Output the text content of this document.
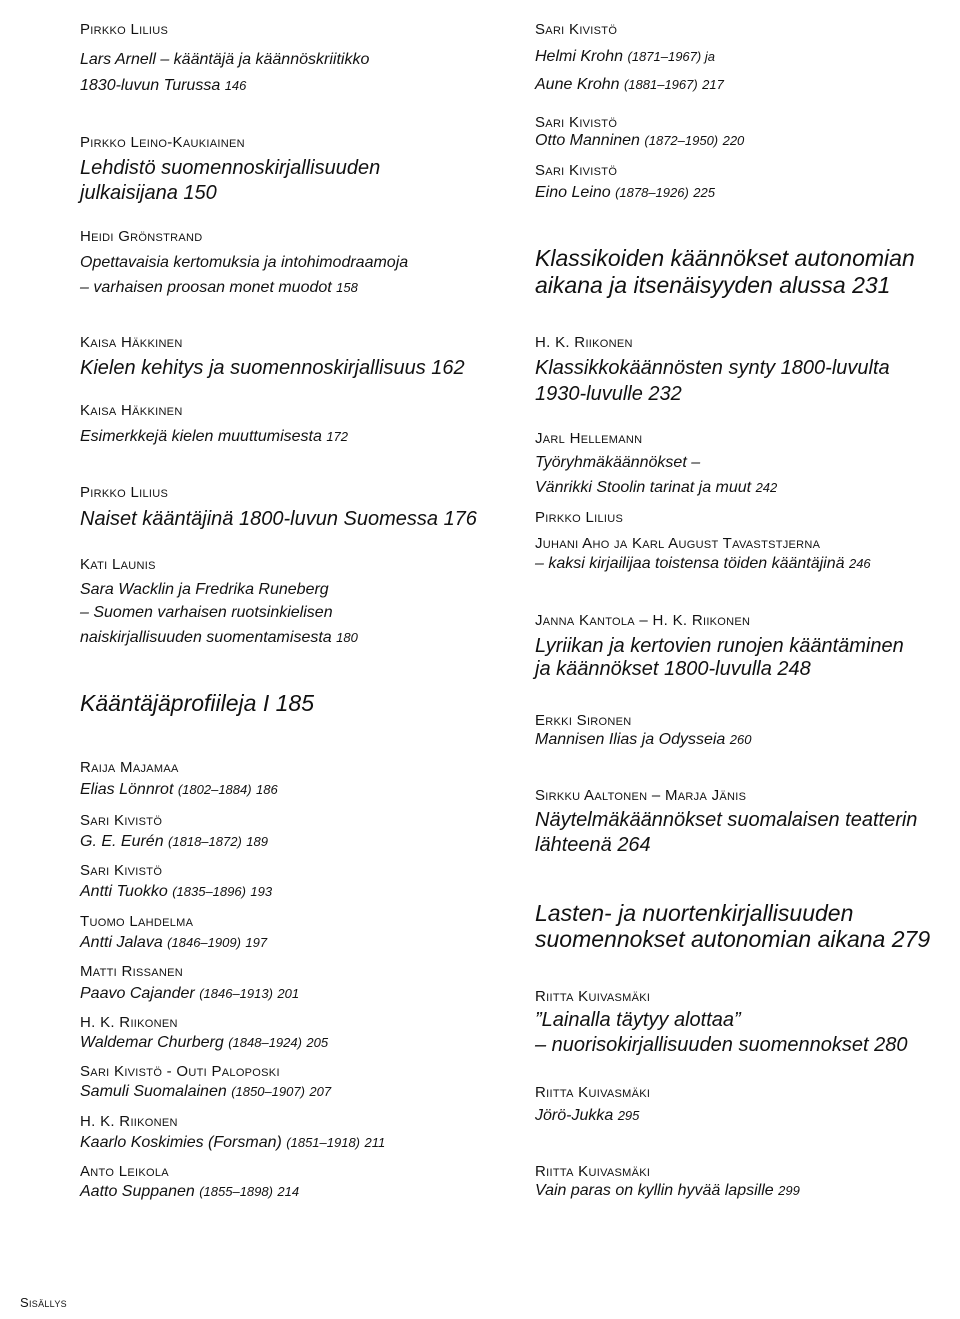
Pirkko Lilius
Lars Arnell – kääntäjä ja käännöskriitikko
1830-luvun Turussa 146
Pirkko Leino-Kaukiainen
Lehdistö suomennoskirjallisuuden
julkaisijana 150
Heidi Grönstrand
Opettavaisia kertomuksia ja intohimodraamoja
– varhaisen proosan monet muodot 158
Kaisa Häkkinen
Kielen kehitys ja suomennoskirjallisuus 162
Kaisa Häkkinen
Esimerkkejä kielen muuttumisesta 172
Pirkko Lilius
Naiset kääntäjinä 1800-luvun Suomessa 176
Kati Launis
Sara Wacklin ja Fredrika Runeberg
– Suomen varhaisen ruotsinkielisen
naiskirjallisuuden suomentamisesta 180
Kääntäjäprofiileja I 185
Raija Majamaa
Elias Lönnrot (1802–1884) 186
Sari Kivistö
G. E. Eurén (1818–1872) 189
Sari Kivistö
Antti Tuokko (1835–1896) 193
Tuomo Lahdelma
Antti Jalava (1846–1909) 197
Matti Rissanen
Paavo Cajander (1846–1913) 201
H. K. Riikonen
Waldemar Churberg (1848–1924) 205
Sari Kivistö - Outi Paloposki
Samuli Suomalainen (1850–1907) 207
H. K. Riikonen
Kaarlo Koskimies (Forsman) (1851–1918) 211
Anto Leikola
Aatto Suppanen (1855–1898) 214
Sari Kivistö
Helmi Krohn (1871–1967) ja
Aune Krohn (1881–1967) 217
Sari Kivistö
Otto Manninen (1872–1950) 220
Sari Kivistö
Eino Leino (1878–1926) 225
Klassikoiden käännökset autonomian
aikana ja itsenäisyyden alussa 231
H. K. Riikonen
Klassikkokäännösten synty 1800-luvulta
1930-luvulle 232
Jarl Hellemann
Työryhmäkäännökset –
Vänrikki Stoolin tarinat ja muut 242
Pirkko Lilius
Juhani Aho ja Karl August Tavaststjerna
– kaksi kirjailijaa toistensa töiden kääntäjinä 246
Janna Kantola – H. K. Riikonen
Lyriikan ja kertovien runojen kääntäminen
ja käännökset 1800-luvulla 248
Erkki Sironen
Mannisen Ilias ja Odysseia 260
Sirkku Aaltonen – Marja Jänis
Näytelmäkäännökset suomalaisen teatterin
lähteenä 264
Lasten- ja nuortenkirjallisuuden
suomennokset autonomian aikana 279
Riitta Kuivasmäki
”Lainalla täytyy alottaa”
– nuorisokirjallisuuden suomennokset 280
Riitta Kuivasmäki
Jörö-Jukka 295
Riitta Kuivasmäki
Vain paras on kyllin hyvää lapsille 299
Sisällys
